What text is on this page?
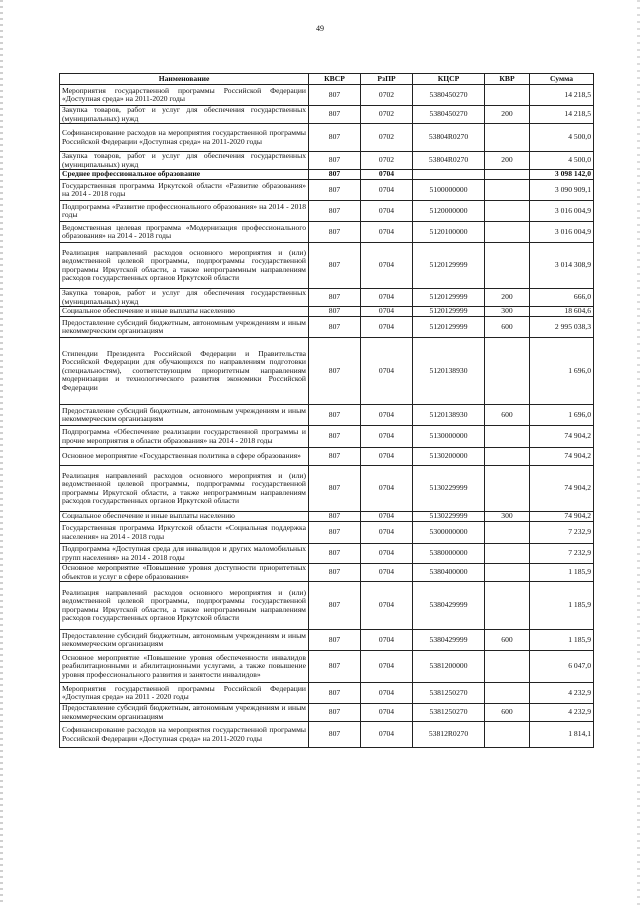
49
Наименование	КВСР	РзПР	КЦСР	КВР	Сумма
Мероприятия государственной программы Российской Федерации «Доступная среда» на 2011-2020 годы	807	0702	5380450270		14 218,5
Закупка товаров, работ и услуг для обеспечения государственных (муниципальных) нужд	807	0702	5380450270	200	14 218,5
Софинансирование расходов на мероприятия государственной программы Российской Федерации «Доступная среда» на 2011-2020 годы	807	0702	53804R0270		4 500,0
Закупка товаров, работ и услуг для обеспечения государственных (муниципальных) нужд	807	0702	53804R0270	200	4 500,0
Среднее профессиональное образование	807	0704			3 098 142,0
Государственная программа Иркутской области «Развитие образования» на 2014 - 2018 годы	807	0704	5100000000		3 090 909,1
Подпрограмма «Развитие профессионального образования» на 2014 - 2018 годы	807	0704	5120000000		3 016 004,9
Ведомственная целевая программа «Модернизация профессионального образования» на 2014 - 2018 годы	807	0704	5120100000		3 016 004,9
Реализация направлений расходов основного мероприятия и (или) ведомственной целевой программы, подпрограммы государственной программы Иркутской области, а также непрограммным направлениям расходов государственных органов Иркутской области	807	0704	5120129999		3 014 308,9
Закупка товаров, работ и услуг для обеспечения государственных (муниципальных) нужд	807	0704	5120129999	200	666,0
Социальное обеспечение и иные выплаты населению	807	0704	5120129999	300	18 604,6
Предоставление субсидий бюджетным, автономным учреждениям и иным некоммерческим организациям	807	0704	5120129999	600	2 995 038,3
Стипендии Президента Российской Федерации и Правительства Российской Федерации для обучающихся по направлениям подготовки (специальностям), соответствующим приоритетным направлениям модернизации и технологического развития экономики Российской Федерации	807	0704	5120138930		1 696,0
Предоставление субсидий бюджетным, автономным учреждениям и иным некоммерческим организациям	807	0704	5120138930	600	1 696,0
Подпрограмма «Обеспечение реализации государственной программы и прочие мероприятия в области образования» на 2014 - 2018 годы	807	0704	5130000000		74 904,2
Основное мероприятие «Государственная политика в сфере образования»	807	0704	5130200000		74 904,2
Реализация направлений расходов основного мероприятия и (или) ведомственной целевой программы, подпрограммы государственной программы Иркутской области, а также непрограммным направлениям расходов государственных органов Иркутской области	807	0704	5130229999		74 904,2
Социальное обеспечение и иные выплаты населению	807	0704	5130229999	300	74 904,2
Государственная программа Иркутской области «Социальная поддержка населения» на 2014 - 2018 годы	807	0704	5300000000		7 232,9
Подпрограмма «Доступная среда для инвалидов и других маломобильных групп населения» на 2014 - 2018 годы	807	0704	5380000000		7 232,9
Основное мероприятие «Повышение уровня доступности приоритетных объектов и услуг в сфере образования»	807	0704	5380400000		1 185,9
Реализация направлений расходов основного мероприятия и (или) ведомственной целевой программы, подпрограммы государственной программы Иркутской области, а также непрограммным направлениям расходов государственных органов Иркутской области	807	0704	5380429999		1 185,9
Предоставление субсидий бюджетным, автономным учреждениям и иным некоммерческим организациям	807	0704	5380429999	600	1 185,9
Основное мероприятие «Повышение уровня обеспеченности инвалидов реабилитационными и абилитационными услугами, а также повышение уровня профессионального развития и занятости инвалидов»	807	0704	5381200000		6 047,0
Мероприятия государственной программы Российской Федерации «Доступная среда» на 2011 - 2020 годы	807	0704	5381250270		4 232,9
Предоставление субсидий бюджетным, автономным учреждениям и иным некоммерческим организациям	807	0704	5381250270	600	4 232,9
Софинансирование расходов на мероприятия государственной программы Российской Федерации «Доступная среда» на 2011-2020 годы	807	0704	53812R0270		1 814,1
